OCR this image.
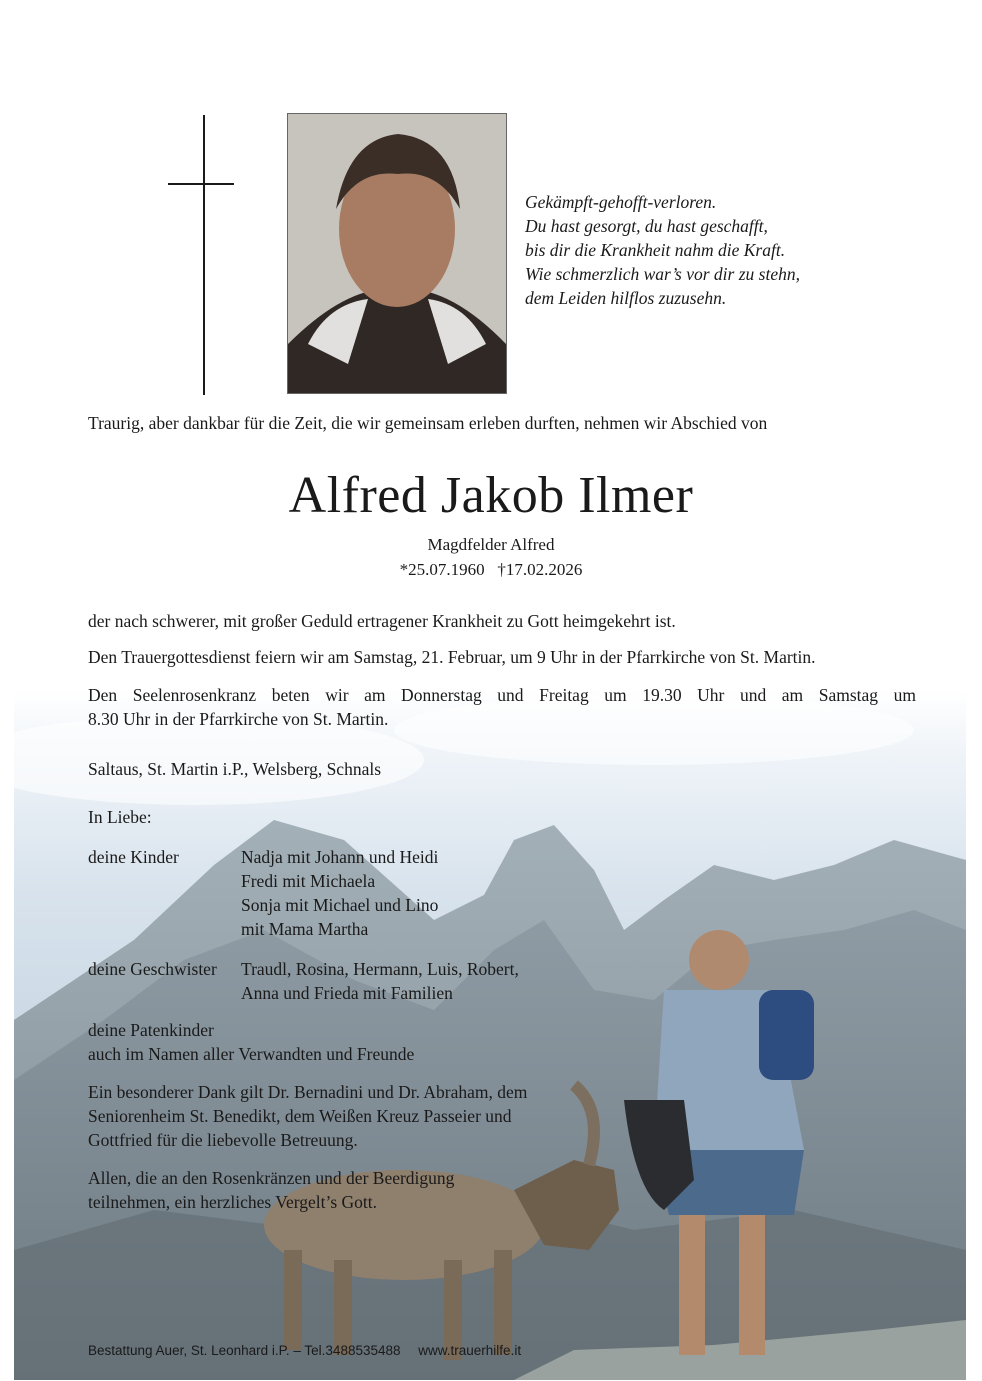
Gekämpft-gehofft-verloren.
Du hast gesorgt, du hast geschafft,
bis dir die Krankheit nahm die Kraft.
Wie schmerzlich war’s vor dir zu stehn,
dem Leiden hilflos zuzusehn.
Traurig, aber dankbar für die Zeit, die wir gemeinsam erleben durften, nehmen wir Abschied von
Alfred Jakob Ilmer
Magdfelder Alfred
*25.07.1960   †17.02.2026
der nach schwerer, mit großer Geduld ertragener Krankheit zu Gott heimgekehrt ist.
Den Trauergottesdienst feiern wir am Samstag, 21. Februar, um 9 Uhr in der Pfarrkirche von St. Martin.
Den Seelenrosenkranz beten wir am Donnerstag und Freitag um 19.30 Uhr und am Samstag um
8.30 Uhr in der Pfarrkirche von St. Martin.
Saltaus, St. Martin i.P., Welsberg, Schnals
In Liebe:
deine Kinder	Nadja mit Johann und Heidi
Fredi mit Michaela
Sonja mit Michael und Lino
mit Mama Martha
deine Geschwister Traudl, Rosina, Hermann, Luis, Robert,
Anna und Frieda mit Familien
deine Patenkinder
auch im Namen aller Verwandten und Freunde
Ein besonderer Dank gilt Dr. Bernadini und Dr. Abraham, dem
Seniorenheim St. Benedikt, dem Weißen Kreuz Passeier und
Gottfried für die liebevolle Betreuung.
Allen, die an den Rosenkränzen und der Beerdigung
teilnehmen, ein herzliches Vergelt’s Gott.
Bestattung Auer, St. Leonhard i.P. – Tel.3488535488 www.trauerhilfe.it
